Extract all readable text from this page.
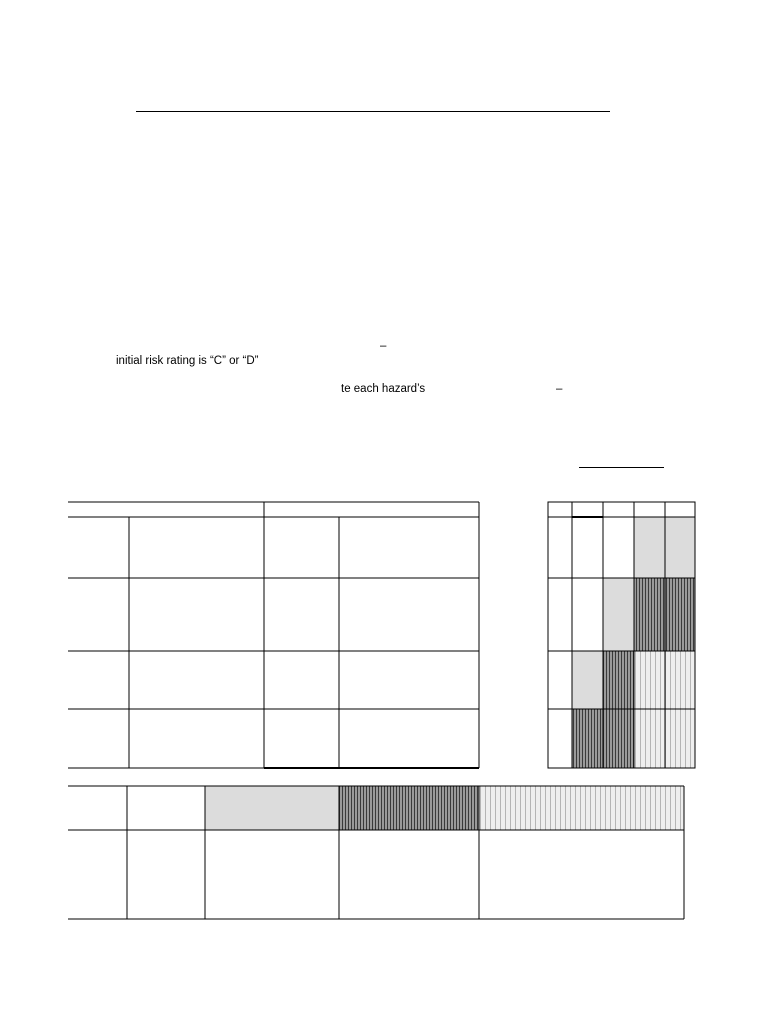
–
initial risk rating is “C” or “D”
te each hazard’s	–
